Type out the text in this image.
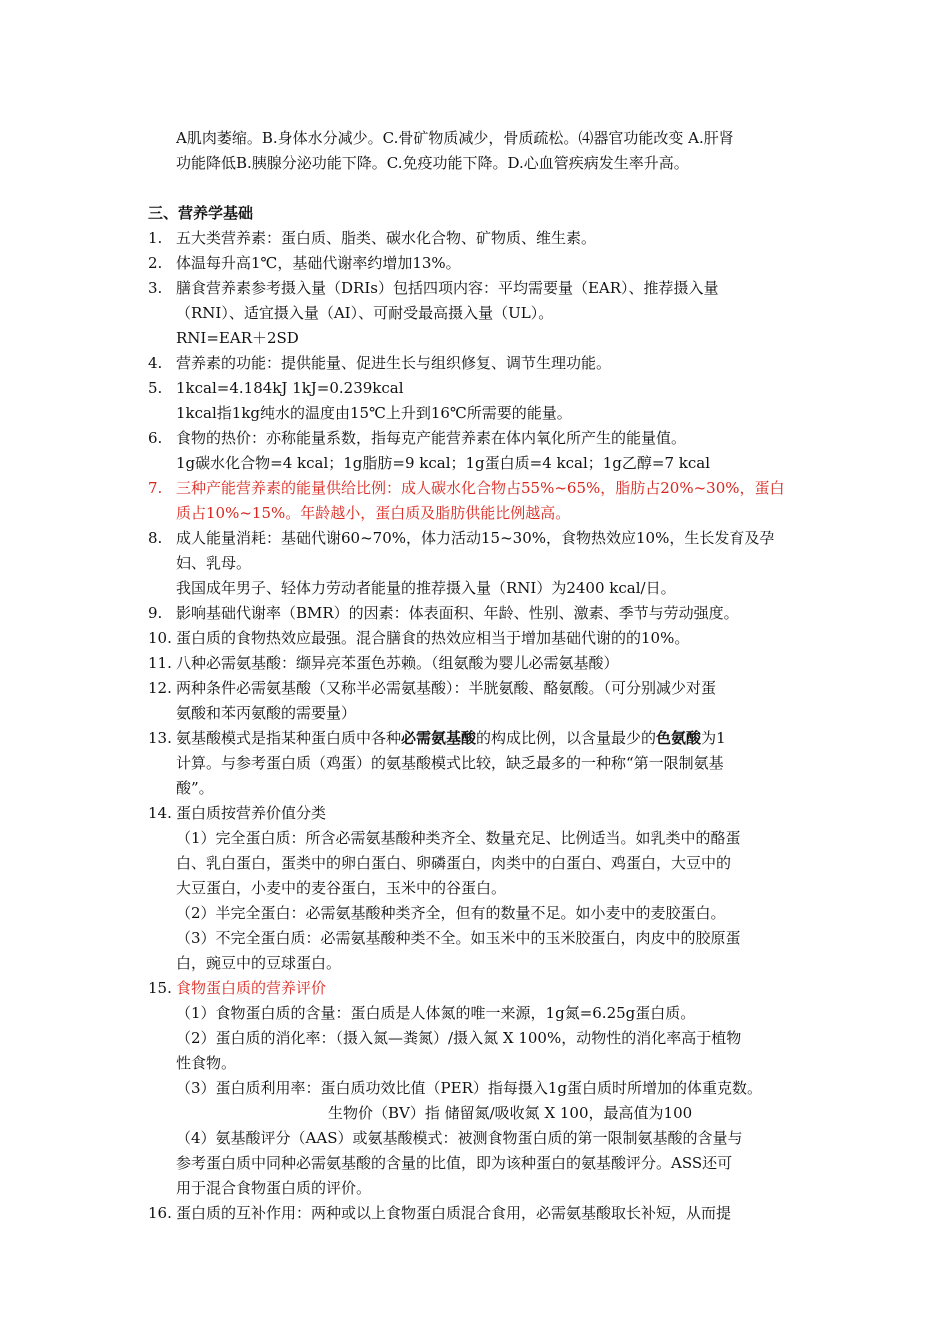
A肌肉萎缩。B.身体水分减少。C.骨矿物质减少，骨质疏松。⑷器官功能改变 A.肝肾
功能降低B.胰腺分泌功能下降。C.免疫功能下降。D.心血管疾病发生率升高。
三、营养学基础
1. 五大类营养素：蛋白质、脂类、碳水化合物、矿物质、维生素。
2. 体温每升高1℃，基础代谢率约增加13%。
3. 膳食营养素参考摄入量（DRIs）包括四项内容：平均需要量（EAR）、推荐摄入量
（RNI）、适宜摄入量（AI）、可耐受最高摄入量（UL）。
RNI=EAR＋2SD
4. 营养素的功能：提供能量、促进生长与组织修复、调节生理功能。
5. 1kcal=4.184kJ 1kJ=0.239kcal
1kcal指1kg纯水的温度由15℃上升到16℃所需要的能量。
6. 食物的热价：亦称能量系数，指每克产能营养素在体内氧化所产生的能量值。
1g碳水化合物=4 kcal；1g脂肪=9 kcal；1g蛋白质=4 kcal；1g乙醇=7 kcal
7. 三种产能营养素的能量供给比例：成人碳水化合物占55%~65%，脂肪占20%~30%，蛋白
质占10%~15%。年龄越小，蛋白质及脂肪供能比例越高。
8. 成人能量消耗：基础代谢60~70%，体力活动15~30%，食物热效应10%，生长发育及孕
妇、乳母。
我国成年男子、轻体力劳动者能量的推荐摄入量（RNI）为2400 kcal/日。
9. 影响基础代谢率（BMR）的因素：体表面积、年龄、性别、激素、季节与劳动强度。
10. 蛋白质的食物热效应最强。混合膳食的热效应相当于增加基础代谢的的10%。
11. 八种必需氨基酸：缬异亮苯蛋色苏赖。（组氨酸为婴儿必需氨基酸）
12. 两种条件必需氨基酸（又称半必需氨基酸）：半胱氨酸、酪氨酸。（可分别减少对蛋
氨酸和苯丙氨酸的需要量）
13. 氨基酸模式是指某种蛋白质中各种必需氨基酸的构成比例，以含量最少的色氨酸为1
计算。与参考蛋白质（鸡蛋）的氨基酸模式比较，缺乏最多的一种称“第一限制氨基
酸”。
14. 蛋白质按营养价值分类
（1）完全蛋白质：所含必需氨基酸种类齐全、数量充足、比例适当。如乳类中的酪蛋
白、乳白蛋白，蛋类中的卵白蛋白、卵磷蛋白，肉类中的白蛋白、鸡蛋白，大豆中的
大豆蛋白，小麦中的麦谷蛋白，玉米中的谷蛋白。
（2）半完全蛋白：必需氨基酸种类齐全，但有的数量不足。如小麦中的麦胶蛋白。
（3）不完全蛋白质：必需氨基酸种类不全。如玉米中的玉米胶蛋白，肉皮中的胶原蛋
白，豌豆中的豆球蛋白。
15. 食物蛋白质的营养评价
（1）食物蛋白质的含量：蛋白质是人体氮的唯一来源，1g氮=6.25g蛋白质。
（2）蛋白质的消化率：（摄入氮—粪氮）/摄入氮 X 100%，动物性的消化率高于植物
性食物。
（3）蛋白质利用率：蛋白质功效比值（PER）指每摄入1g蛋白质时所增加的体重克数。
生物价（BV）指 储留氮/吸收氮 X 100，最高值为100
（4）氨基酸评分（AAS）或氨基酸模式：被测食物蛋白质的第一限制氨基酸的含量与
参考蛋白质中同种必需氨基酸的含量的比值，即为该种蛋白的氨基酸评分。ASS还可
用于混合食物蛋白质的评价。
16. 蛋白质的互补作用：两种或以上食物蛋白质混合食用，必需氨基酸取长补短，从而提
